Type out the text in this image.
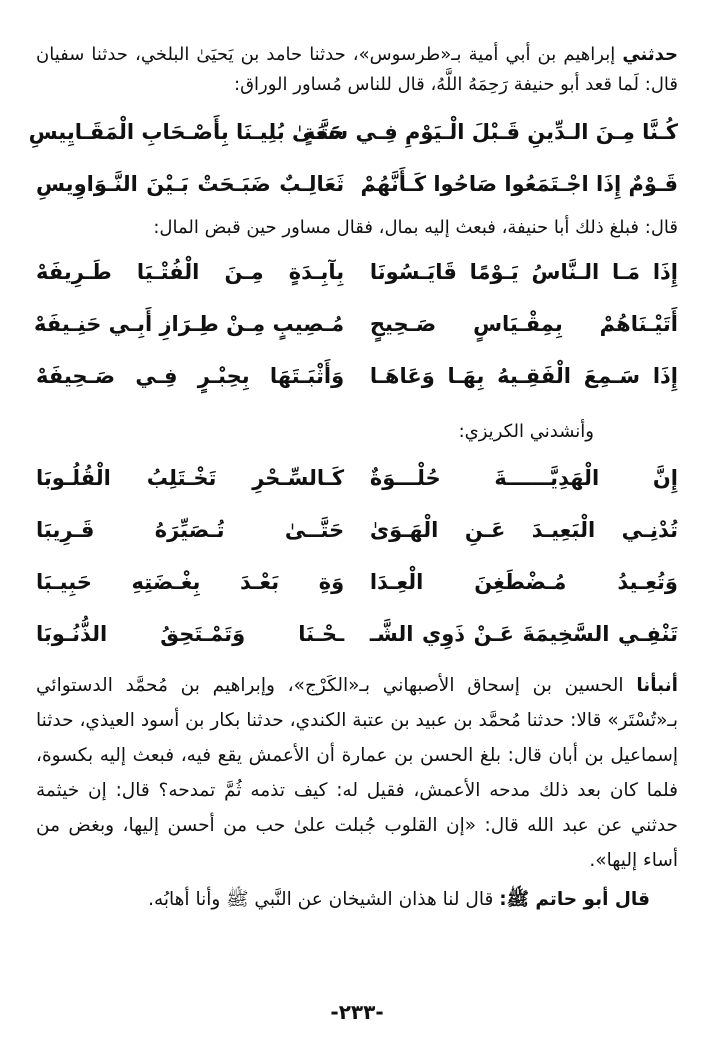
حدثني إبراهيم بن أبي أمية بـ«طرسوس»، حدثنا حامد بن يَحيَىٰ البلخي، حدثنا سفيان قال: لَما قعد أبو حنيفة رَحِمَهُ اللَّهُ، قال للناس مُساور الوراق:

كُـنَّا مِـنَ الـدِّينِ قَـبْلَ الْـيَوْمِ فِـي سَعَةٍ
حَتَّـىٰ بُلِيـنَا بِأَصْـحَابِ الْمَقَـايِيسِ
قَـوْمٌ إِذَا اجْـتَمَعُوا صَاحُوا كَـأَنَّهُمْ
ثَعَالِـبٌ ضَبَـحَتْ بَـيْنَ النَّـوَاوِيسِ

قال: فبلغ ذلك أبا حنيفة، فبعث إليه بمال، فقال مساور حين قبض المال:

إِذَا مَـا الـنَّاسُ يَـوْمًا قَايَـسُونَا
بِآبِـدَةٍ مِـنَ الْفُتْـيَا طَـرِيفَهْ
أَتَيْـنَاهُمْ بِمِقْـيَاسٍ صَـحِيحٍ
مُـصِيبٍ مِـنْ طِـرَازِ أَبِـي حَنِـيفَهْ
إِذَا سَـمِعَ الْفَقِـيهُ بِهَـا وَعَاهَـا
وَأَثْبَـتَهَا بِحِبْـرٍ فِـي صَـحِيفَهْ

وأنشدني الكريزي:

إِنَّ الْهَدِيَّــــــةَ حُلْـــوَةٌ
كَـالسِّـحْرِ تَخْـتَلِبُ الْقُلُـوبَا
تُدْنِـي الْبَعِيـدَ عَـنِ الْهَـوَىٰ
حَتَّــىٰ تُـصَيِّرَهُ قَـرِيبَا
وَتُعِـيدُ مُـضْطَغِنَ الْعِـدَا
وَةِ بَعْـدَ بِغْـضَتِهِ حَبِيـبَا
تَنْفِـي السَّخِيمَةَ عَـنْ ذَوِي الشَّـ
ـحْـنَا وَتَمْـتَحِقُ الذُّنُـوبَا

أنبأنا الحسين بن إسحاق الأصبهاني بـ«الكَرْج»، وإبراهيم بن مُحمَّد الدستوائي بـ«تُسْتَر» قالا: حدثنا مُحمَّد بن عبيد بن عتبة الكندي، حدثنا بكار بن أسود العيذي، حدثنا إسماعيل بن أبان قال: بلغ الحسن بن عمارة أن الأعمش يقع فيه، فبعث إليه بكسوة، فلما كان بعد ذلك مدحه الأعمش، فقيل له: كيف تذمه ثُمَّ تمدحه؟ قال: إن خيثمة حدثني عن عبد الله قال: «إن القلوب جُبلت علىٰ حب من أحسن إليها، وبغض من أساء إليها».

قال أبو حاتم ﷺ: قال لنا هذان الشيخان عن النَّبي ﷺ وأنا أهابُه.

-٢٣٣-
